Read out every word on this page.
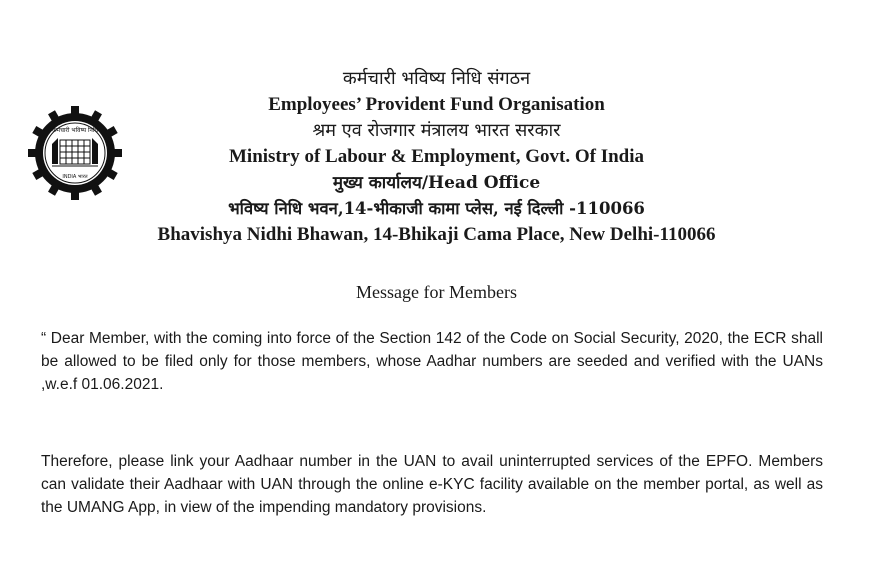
कर्मचारी भविष्य निधि
INDIA भारत
कर्मचारी भविष्य निधि संगठन
Employees’ Provident Fund Organisation
श्रम एव रोजगार मंत्रालय भारत सरकार
Ministry of Labour & Employment, Govt. Of India
मुख्य कार्यालय/Head Office
भविष्य निधि भवन,14-भीकाजी कामा प्लेस, नई दिल्ली -110066
Bhavishya Nidhi Bhawan, 14-Bhikaji Cama Place, New Delhi-110066
Message for Members

“ Dear Member, with the coming into force of the Section 142 of the Code on Social Security, 2020, the ECR shall be allowed to be filed only for those members, whose Aadhar numbers are seeded and verified with the UANs ,w.e.f 01.06.2021.

Therefore, please link your Aadhaar number in the UAN to avail uninterrupted services of the EPFO. Members can validate their Aadhaar with UAN through the online e-KYC facility available on the member portal, as well as the UMANG App, in view of the impending mandatory provisions.
